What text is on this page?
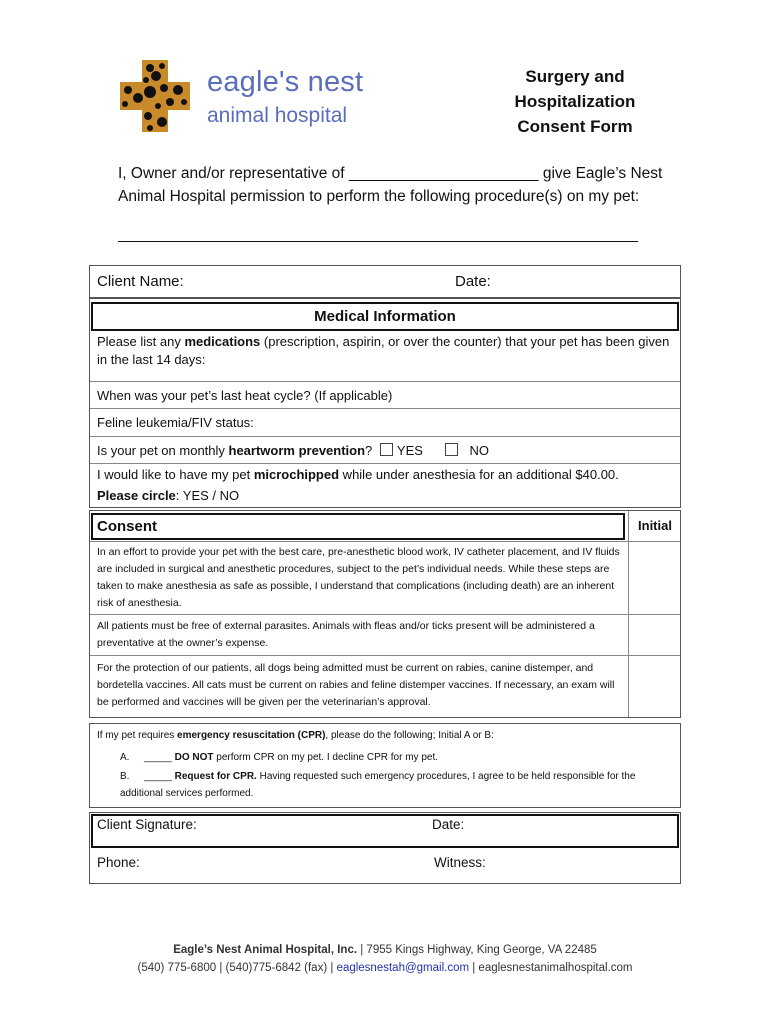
eagle's nest
animal hospital
Surgery and
Hospitalization
Consent Form
I, Owner and/or representative of ______________________ give Eagle’s Nest Animal Hospital permission to perform the following procedure(s) on my pet:
Client Name:	Date:
Medical Information
Please list any medications (prescription, aspirin, or over the counter) that your pet has been given in the last 14 days:
When was your pet’s last heat cycle? (If applicable)
Feline leukemia/FIV status:
Is your pet on monthly heartworm prevention? YES	NO
I would like to have my pet microchipped while under anesthesia for an additional $40.00.
Please circle: YES / NO
Consent	Initial
In an effort to provide your pet with the best care, pre-anesthetic blood work, IV catheter placement, and IV fluids are included in surgical and anesthetic procedures, subject to the pet’s individual needs. While these steps are taken to make anesthesia as safe as possible, I understand that complications (including death) are an inherent risk of anesthesia.
All patients must be free of external parasites. Animals with fleas and/or ticks present will be administered a preventative at the owner’s expense.
For the protection of our patients, all dogs being admitted must be current on rabies, canine distemper, and bordetella vaccines. All cats must be current on rabies and feline distemper vaccines. If necessary, an exam will be performed and vaccines will be given per the veterinarian’s approval.
If my pet requires emergency resuscitation (CPR), please do the following; Initial A or B:
A. _____ DO NOT perform CPR on my pet. I decline CPR for my pet.
B. _____ Request for CPR. Having requested such emergency procedures, I agree to be held responsible for the additional services performed.
Client Signature:	Date:
Phone:	Witness:
Eagle’s Nest Animal Hospital, Inc. | 7955 Kings Highway, King George, VA 22485
(540) 775-6800 | (540)775-6842 (fax) | eaglesnestah@gmail.com | eaglesnestanimalhospital.com
